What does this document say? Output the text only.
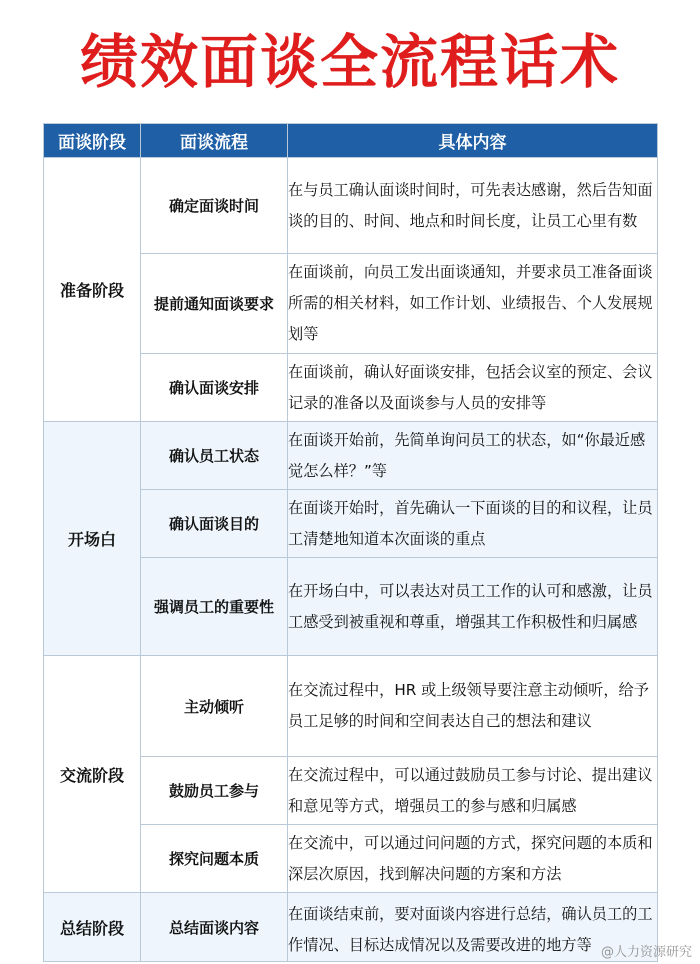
绩效面谈全流程话术
面谈阶段	面谈流程	具体内容
准备阶段	确定面谈时间	在与员工确认面谈时间时，可先表达感谢，然后告知面谈的目的、时间、地点和时间长度，让员工心里有数
	提前通知面谈要求	在面谈前，向员工发出面谈通知，并要求员工准备面谈所需的相关材料，如工作计划、业绩报告、个人发展规划等
	确认面谈安排	在面谈前，确认好面谈安排，包括会议室的预定、会议记录的准备以及面谈参与人员的安排等
开场白	确认员工状态	在面谈开始前，先简单询问员工的状态，如“你最近感觉怎么样？”等
	确认面谈目的	在面谈开始时，首先确认一下面谈的目的和议程，让员工清楚地知道本次面谈的重点
	强调员工的重要性	在开场白中，可以表达对员工工作的认可和感激，让员工感受到被重视和尊重，增强其工作积极性和归属感
交流阶段	主动倾听	在交流过程中，HR 或上级领导要注意主动倾听，给予员工足够的时间和空间表达自己的想法和建议
	鼓励员工参与	在交流过程中，可以通过鼓励员工参与讨论、提出建议和意见等方式，增强员工的参与感和归属感
	探究问题本质	在交流中，可以通过问问题的方式，探究问题的本质和深层次原因，找到解决问题的方案和方法
总结阶段	总结面谈内容	在面谈结束前，要对面谈内容进行总结，确认员工的工作情况、目标达成情况以及需要改进的地方等 @人力资源研究
